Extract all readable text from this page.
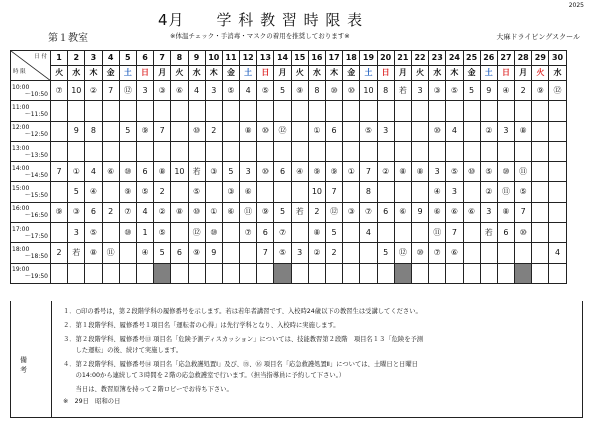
2025
4月　　学 科 教 習 時 限 表
第１教室	※体温チェック・手消毒・マスクの着用を推奨しております※	大麻ドライビングスクール
日 付
時 限	1	2	3	4	5	6	7	8	9	10	11	12	13	14	15	16	17	18	19	20	21	22	23	24	25	26	27	28	29	30
	火	水	木	金	土	日	月	火	水	木	金	土	日	月	火	水	木	金	土	日	月	火	水	木	金	土	日	月	火	水

10:00
～10:50	⑦	10	②	7	⑫	3	③	⑥	4	3	⑤	4	⑤	5	⑨	8	⑩	⑩	10	8	若	3	③	⑤	5	9	④	2	⑨	⑫

11:00
～11:50																														

12:00
～12:50		9	8		5	⑨	7		⑩	2		⑧	⑩	⑫		①	6		⑤	3			⑩	4		②	3	⑧		

13:00
～13:50																														

14:00
～14:50	7	①	4	⑥	⑩	6	⑧	10	若	③	5	3	⑩	6	④	⑨	⑨	①	7	②	⑧	⑧	3	⑤	⑩	⑤	⑩	⑪		

15:00
～15:50		5	④		⑨	⑤	2		⑤		③	⑥				10	7		8				④	3		②	⑪	⑤		

16:00
～16:50	⑨	③	6	2	⑦	4	②	⑧	⑩	①	⑥	⑪	⑨	5	若	2	⑫	③	⑦	6	⑥	9	⑥	⑥	⑥	3	⑧	7		

17:00
～17:50		3	⑤		⑩	1	⑤		⑫	⑩		⑦	6	⑦		⑧	5		4				⑪	7		若	6	⑩		

18:00
～18:50	2	若	⑧	⑪		④	5	6	⑨	9			7	⑤	3	②	2			5	⑫	⑩	⑦	⑥						4

19:00
～19:50																														

備 考
１．○印の番号は，第２段階学科の履修番号を示します。若は若年者講習です、入校時24歳以下の教習生は受講してください。
２．第１段階学科、履修番号１項目名「運転者の心得」は先行学科となり、入校時に実施します。
３．第２段階学科、履修番号⑬ 項目名「危険予測ディスカッション」については、技能教習第２段階　項目名１３「危険を予測
　　した運転」の後、続けて実施します。
４．第２段階学科、履修番号⑭ 項目名「応急救護処置Ⅰ」及び、⑮、⑯ 項目名「応急救護処置Ⅱ」については、土曜日と日曜日
　　の14:00から連続して３時間を２階の応急救護室で行います。（担当指導員に予約して下さい。）
　　当日は、教習原簿を持って２階ロビーでお待ち下さい。
※　29日　昭和の日
